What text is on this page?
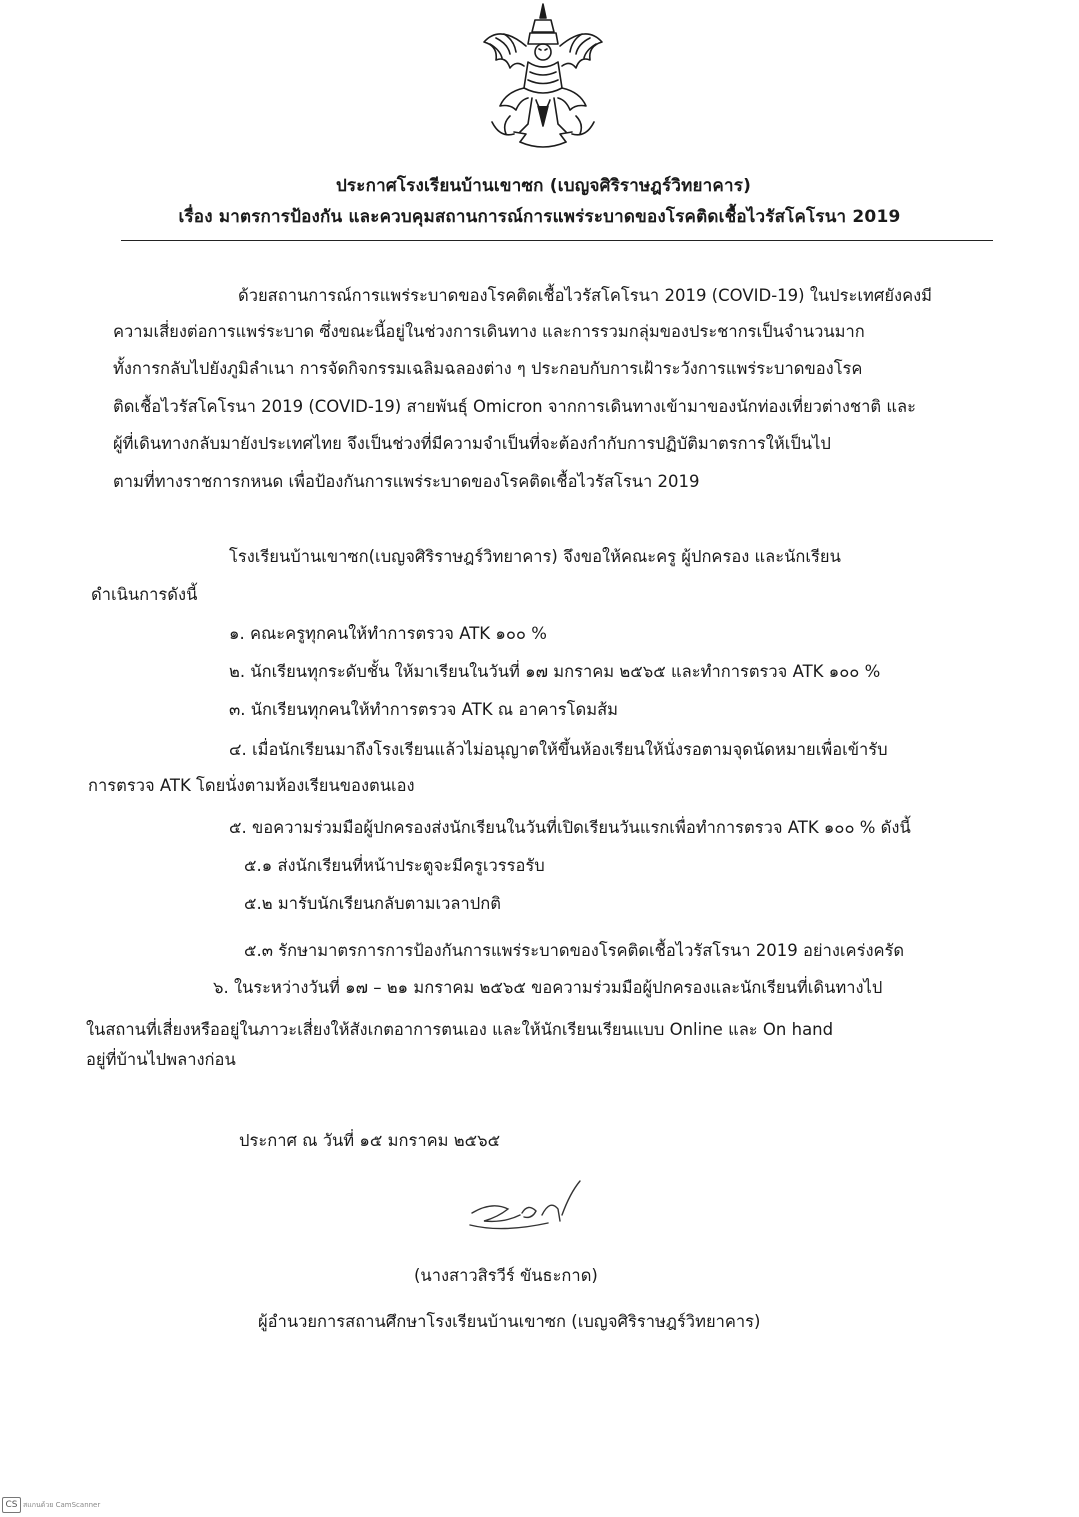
ประกาศโรงเรียนบ้านเขาซก (เบญจศิริราษฎร์วิทยาคาร)
เรื่อง มาตรการป้องกัน และควบคุมสถานการณ์การแพร่ระบาดของโรคติดเชื้อไวรัสโคโรนา 2019
ด้วยสถานการณ์การแพร่ระบาดของโรคติดเชื้อไวรัสโคโรนา 2019 (COVID-19) ในประเทศยังคงมี
ความเสี่ยงต่อการแพร่ระบาด ซึ่งขณะนี้อยู่ในช่วงการเดินทาง และการรวมกลุ่มของประชากรเป็นจำนวนมาก
ทั้งการกลับไปยังภูมิลำเนา การจัดกิจกรรมเฉลิมฉลองต่าง ๆ ประกอบกับการเฝ้าระวังการแพร่ระบาดของโรค
ติดเชื้อไวรัสโคโรนา 2019 (COVID-19) สายพันธุ์ Omicron จากการเดินทางเข้ามาของนักท่องเที่ยวต่างชาติ และ
ผู้ที่เดินทางกลับมายังประเทศไทย จึงเป็นช่วงที่มีความจำเป็นที่จะต้องกำกับการปฏิบัติมาตรการให้เป็นไป
ตามที่ทางราชการกหนด เพื่อป้องกันการแพร่ระบาดของโรคติดเชื้อไวรัสโรนา 2019
โรงเรียนบ้านเขาซก(เบญจศิริราษฎร์วิทยาคาร) จึงขอให้คณะครู ผู้ปกครอง และนักเรียน
ดำเนินการดังนี้
๑. คณะครูทุกคนให้ทำการตรวจ ATK ๑๐๐ %
๒. นักเรียนทุกระดับชั้น ให้มาเรียนในวันที่ ๑๗ มกราคม ๒๕๖๕ และทำการตรวจ ATK ๑๐๐ %
๓. นักเรียนทุกคนให้ทำการตรวจ ATK ณ อาคารโดมส้ม
๔. เมื่อนักเรียนมาถึงโรงเรียนแล้วไม่อนุญาตให้ขึ้นห้องเรียนให้นั่งรอตามจุดนัดหมายเพื่อเข้ารับ
การตรวจ ATK โดยนั่งตามห้องเรียนของตนเอง
๕. ขอความร่วมมือผู้ปกครองส่งนักเรียนในวันที่เปิดเรียนวันแรกเพื่อทำการตรวจ ATK ๑๐๐ % ดังนี้
๕.๑ ส่งนักเรียนที่หน้าประตูจะมีครูเวรรอรับ
๕.๒ มารับนักเรียนกลับตามเวลาปกติ
๕.๓ รักษามาตรการการป้องกันการแพร่ระบาดของโรคติดเชื้อไวรัสโรนา 2019 อย่างเคร่งครัด
๖. ในระหว่างวันที่ ๑๗ – ๒๑ มกราคม ๒๕๖๕ ขอความร่วมมือผู้ปกครองและนักเรียนที่เดินทางไป
ในสถานที่เสี่ยงหรืออยู่ในภาวะเสี่ยงให้สังเกตอาการตนเอง และให้นักเรียนเรียนแบบ Online และ On hand
อยู่ที่บ้านไปพลางก่อน
ประกาศ ณ วันที่ ๑๕ มกราคม ๒๕๖๕
(นางสาวสิรวีร์ ขันธะกาด)
ผู้อำนวยการสถานศึกษาโรงเรียนบ้านเขาซก (เบญจศิริราษฎร์วิทยาคาร)
CS สแกนด้วย CamScanner
